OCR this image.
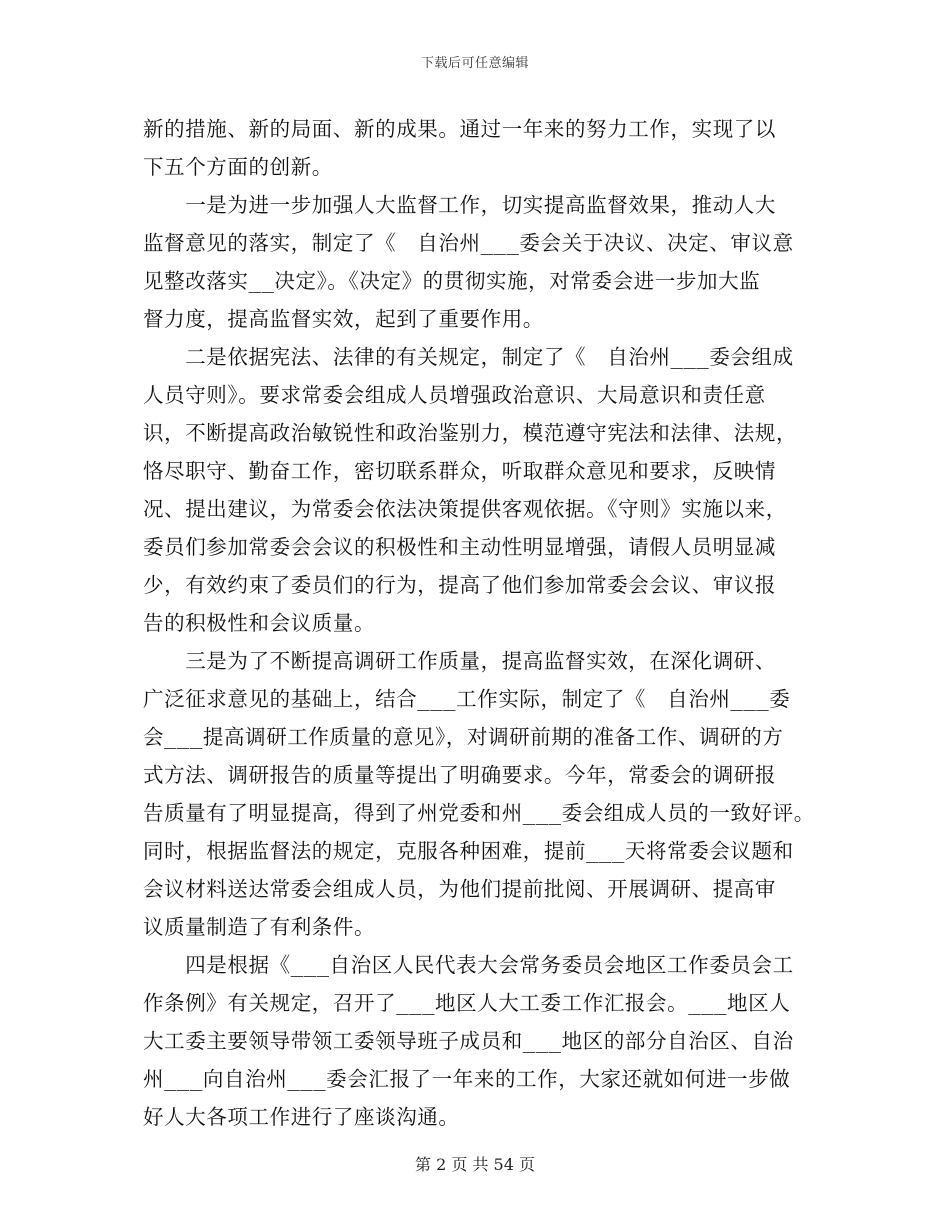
下载后可任意编辑
新的措施、新的局面、新的成果。通过一年来的努力工作，实现了以
下五个方面的创新。
　　一是为进一步加强人大监督工作，切实提高监督效果，推动人大
监督意见的落实，制定了《　自治州___委会关于决议、决定、审议意
见整改落实__决定》。《决定》的贯彻实施，对常委会进一步加大监
督力度，提高监督实效，起到了重要作用。
　　二是依据宪法、法律的有关规定，制定了《　自治州___委会组成
人员守则》。要求常委会组成人员增强政治意识、大局意识和责任意
识，不断提高政治敏锐性和政治鉴别力，模范遵守宪法和法律、法规，
恪尽职守、勤奋工作，密切联系群众，听取群众意见和要求，反映情
况、提出建议，为常委会依法决策提供客观依据。《守则》实施以来，
委员们参加常委会会议的积极性和主动性明显增强，请假人员明显减
少，有效约束了委员们的行为，提高了他们参加常委会会议、审议报
告的积极性和会议质量。
　　三是为了不断提高调研工作质量，提高监督实效，在深化调研、
广泛征求意见的基础上，结合___工作实际，制定了《　自治州___委
会___提高调研工作质量的意见》，对调研前期的准备工作、调研的方
式方法、调研报告的质量等提出了明确要求。今年，常委会的调研报
告质量有了明显提高，得到了州党委和州___委会组成人员的一致好评。
同时，根据监督法的规定，克服各种困难，提前___天将常委会议题和
会议材料送达常委会组成人员，为他们提前批阅、开展调研、提高审
议质量制造了有利条件。
　　四是根据《___自治区人民代表大会常务委员会地区工作委员会工
作条例》有关规定，召开了___地区人大工委工作汇报会。___地区人
大工委主要领导带领工委领导班子成员和___地区的部分自治区、自治
州___向自治州___委会汇报了一年来的工作，大家还就如何进一步做
好人大各项工作进行了座谈沟通。
第 2 页 共 54 页
